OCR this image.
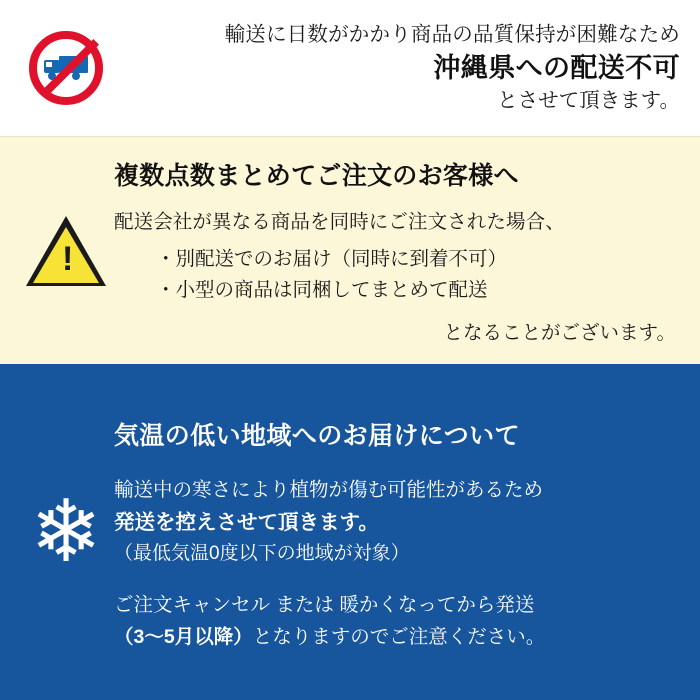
輸送に日数がかかり商品の品質保持が困難なため
沖縄県への配送不可
とさせて頂きます。
!
複数点数まとめてご注文のお客様へ
配送会社が異なる商品を同時にご注文された場合、
・別配送でのお届け（同時に到着不可）
・小型の商品は同梱してまとめて配送
となることがございます。
❄
気温の低い地域へのお届けについて
輸送中の寒さにより植物が傷む可能性があるため
発送を控えさせて頂きます。
（最低気温0度以下の地域が対象）
ご注文キャンセル または 暖かくなってから発送
（3〜5月以降）となりますのでご注意ください。
